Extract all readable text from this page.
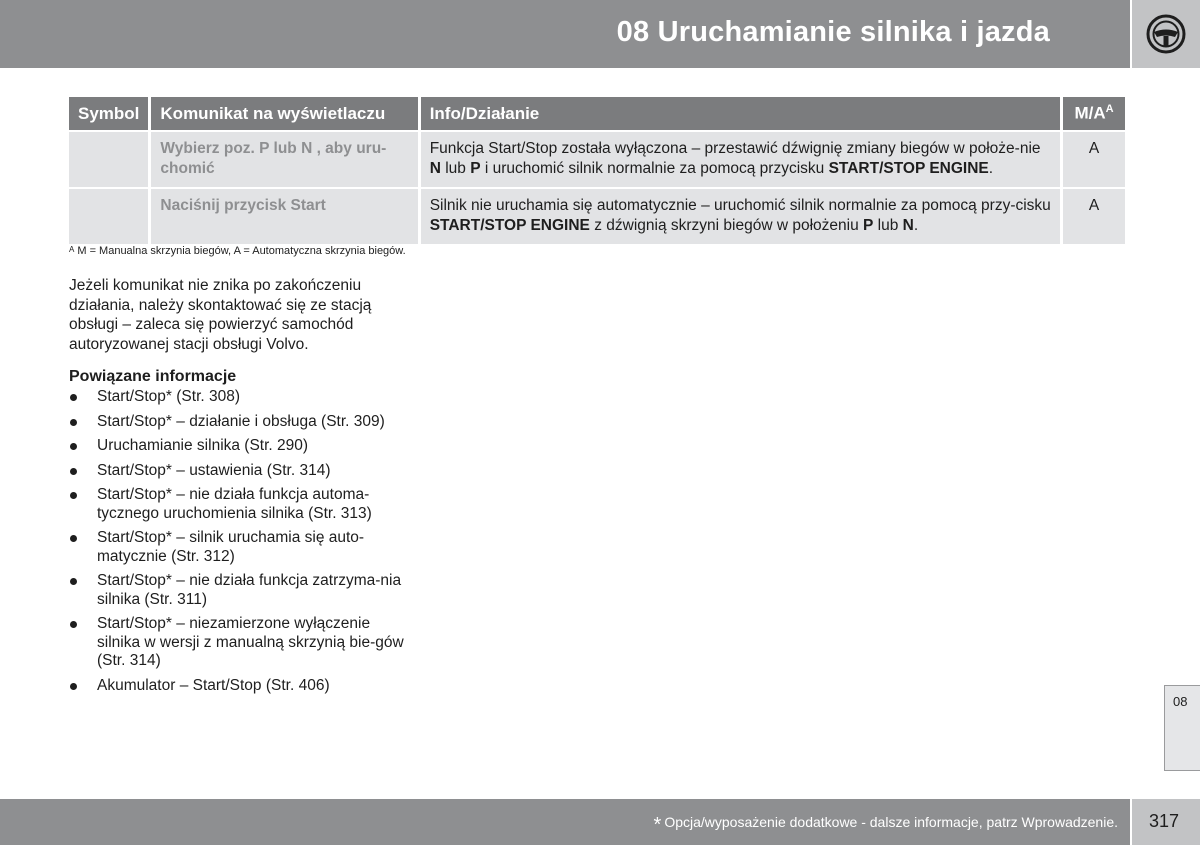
08 Uruchamianie silnika i jazda
Symbol	Komunikat na wyświetlaczu	Info/Działanie	$M/A^A$
	Wybierz poz. P lub N , aby uru-chomić	Funkcja Start/Stop została wyłączona – przestawić dźwignię zmiany biegów w położe-nie N lub P i uruchomić silnik normalnie za pomocą przycisku START/STOP ENGINE.	A
	Naciśnij przycisk Start	Silnik nie uruchamia się automatycznie – uruchomić silnik normalnie za pomocą przy-cisku START/STOP ENGINE z dźwignią skrzyni biegów w położeniu P lub N.	A
$^A$ M = Manualna skrzynia biegów, A = Automatyczna skrzynia biegów.
Jeżeli komunikat nie znika po zakończeniu działania, należy skontaktować się ze stacją obsługi – zaleca się powierzyć samochód autoryzowanej stacji obsługi Volvo.
Powiązane informacje
Start/Stop* (Str. 308)
Start/Stop* – działanie i obsługa (Str. 309)
Uruchamianie silnika (Str. 290)
Start/Stop* – ustawienia (Str. 314)
Start/Stop* – nie działa funkcja automa-tycznego uruchomienia silnika (Str. 313)
Start/Stop* – silnik uruchamia się auto-matycznie (Str. 312)
Start/Stop* – nie działa funkcja zatrzyma-nia silnika (Str. 311)
Start/Stop* – niezamierzone wyłączenie silnika w wersji z manualną skrzynią bie-gów (Str. 314)
Akumulator – Start/Stop (Str. 406)
08
* Opcja/wyposażenie dodatkowe - dalsze informacje, patrz Wprowadzenie. 317
